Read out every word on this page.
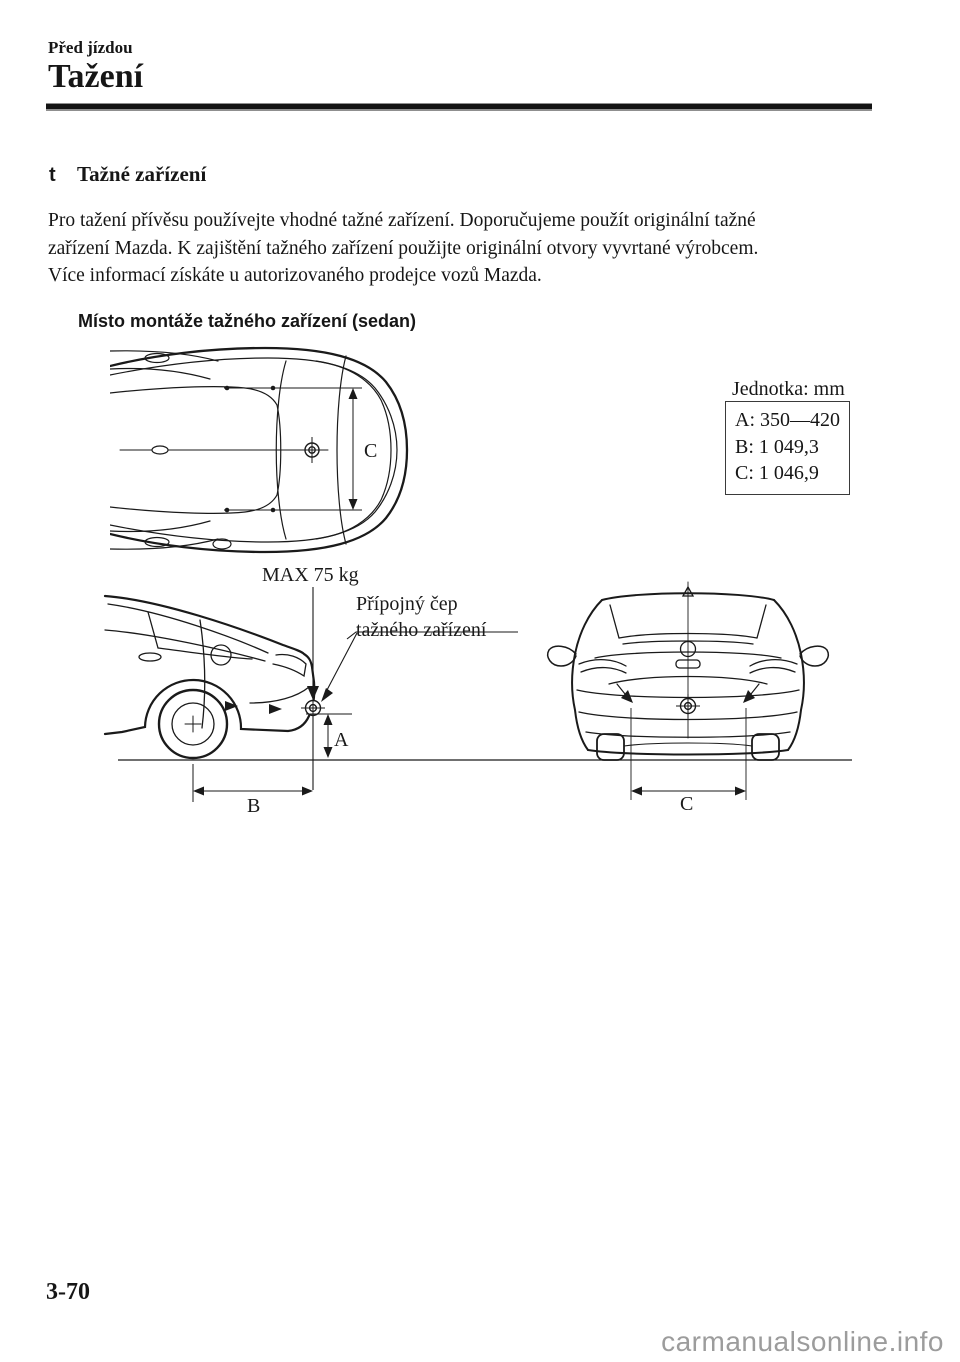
Před jízdou
Tažení
t Tažné zařízení
Pro tažení přívěsu používejte vhodné tažné zařízení. Doporučujeme použít originální tažné
zařízení Mazda. K zajištění tažného zařízení použijte originální otvory vyvrtané výrobcem.
Více informací získáte u autorizovaného prodejce vozů Mazda.
Místo montáže tažného zařízení (sedan)
C
Jednotka: mm
A: 350—420
B: 1 049,3
C: 1 046,9
A
B	C
MAX 75 kg
Přípojný čep
tažného zařízení
3-70
carmanualsonline.info
